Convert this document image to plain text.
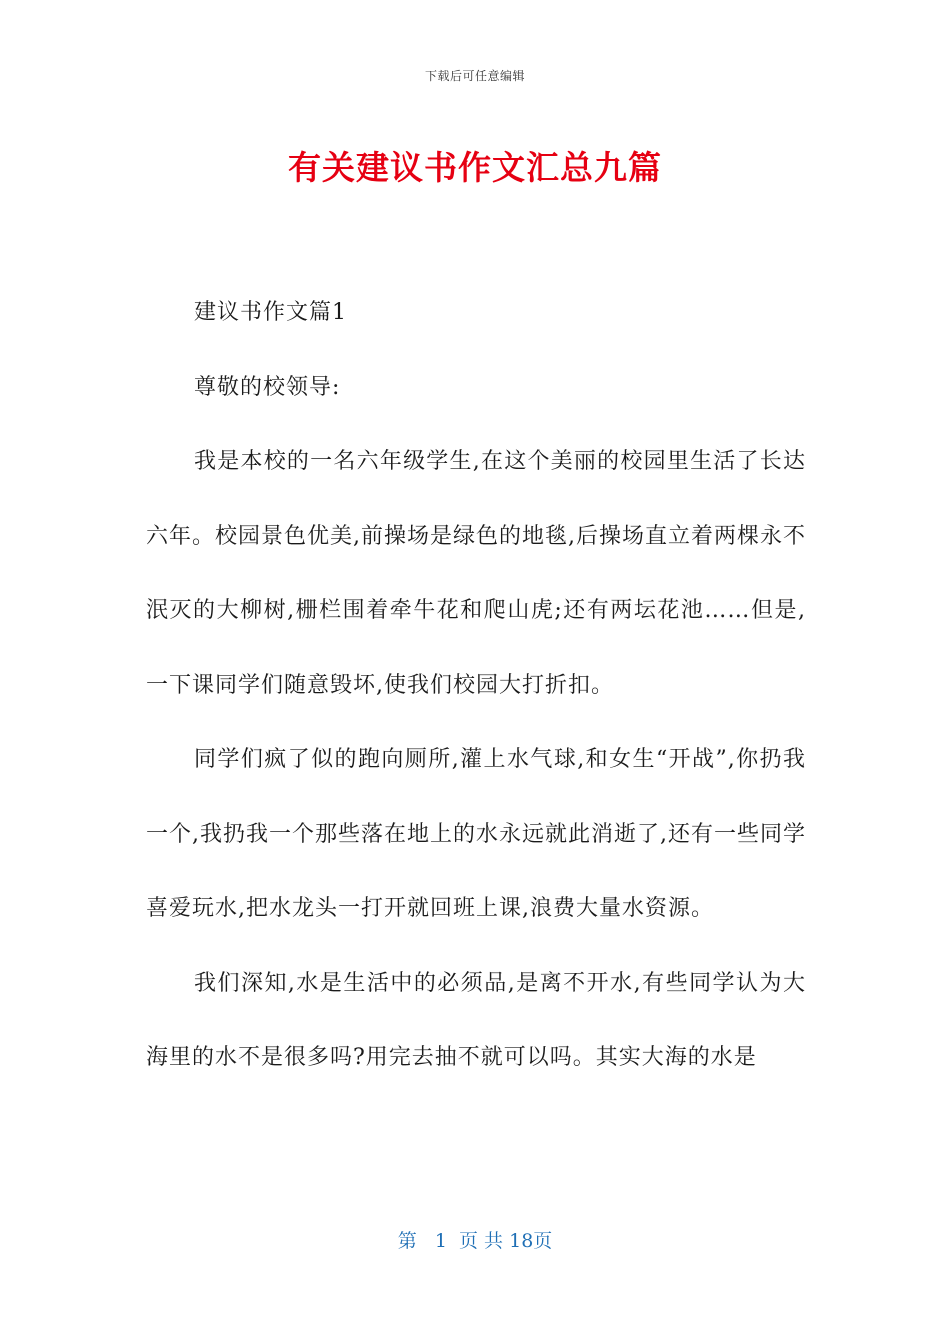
下载后可任意编辑
有关建议书作文汇总九篇

建议书作文篇1

尊敬的校领导:

我是本校的一名六年级学生,在这个美丽的校园里生活了长达六年。校园景色优美,前操场是绿色的地毯,后操场直立着两棵永不泯灭的大柳树,栅栏围着牵牛花和爬山虎;还有两坛花池……但是,一下课同学们随意毁坏,使我们校园大打折扣。

同学们疯了似的跑向厕所,灌上水气球,和女生“开战”,你扔我一个,我扔我一个那些落在地上的水永远就此消逝了,还有一些同学喜爱玩水,把水龙头一打开就回班上课,浪费大量水资源。

我们深知,水是生活中的必须品,是离不开水,有些同学认为大海里的水不是很多吗?用完去抽不就可以吗。其实大海的水是

第 1 页 共 18页
